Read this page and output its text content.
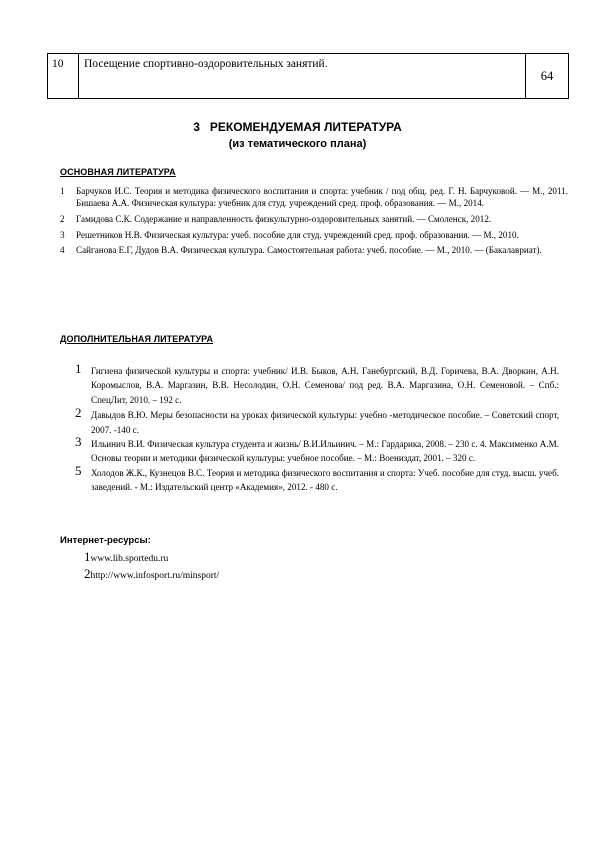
10	Посещение спортивно-оздоровительных занятий.	64
3   РЕКОМЕНДУЕМАЯ ЛИТЕРАТУРА
(из тематического плана)
ОСНОВНАЯ ЛИТЕРАТУРА
1 Барчуков И.С. Теория и методика физического воспитания и спорта: учебник / под общ. ред. Г. Н. Барчуковой. — М., 2011. Бишаева А.А. Физическая культура: учебник для студ. учреждений сред. проф. образования. — М., 2014.
2 Гамидова С.К. Содержание и направленность физкультурно-оздоровительных занятий. — Смоленск, 2012.
3 Решетников Н.В. Физическая культура: учеб. пособие для студ. учреждений сред. проф. образования. — М., 2010.
4 Сайганова Е.Г, Дудов В.А. Физическая культура. Самостоятельная работа: учеб. пособие. — М., 2010. — (Бакалавриат).
ДОПОЛНИТЕЛЬНАЯ ЛИТЕРАТУРА
1 Гигиена физической культуры и спорта: учебник/ И.В. Быков, А.Н. Ганебургский, В.Д. Горичева, В.А. Дворкин, А.Н. Коромыслов, В.А. Маргазин, В.В. Несолодин, О.Н. Семенова/ под ред. В.А. Маргазина, О.Н. Семеновой. – Спб.: СпецЛит, 2010. – 192 с.
2 Давыдов В.Ю. Меры безопасности на уроках физической культуры: учебно -методическое пособие. – Советский спорт, 2007. -140 с.
3 Ильинич В.И. Физическая культура студента и жизнь/ В.И.Ильинич. – М.: Гардарика, 2008. – 230 с. 4. Максименко А.М. Основы теории и методики физической культуры: учебное пособие. – М.: Воениздат, 2001. – 320 с.
5 Холодов Ж.К., Кузнецов В.С. Теория и методика физического воспитания и спорта: Учеб. пособие для студ. высш. учеб. заведений. - М.: Издательский центр «Академия», 2012. - 480 с.
Интернет-ресурсы:
1www.lib.sportedu.ru
2http://www.infosport.ru/minsport/
